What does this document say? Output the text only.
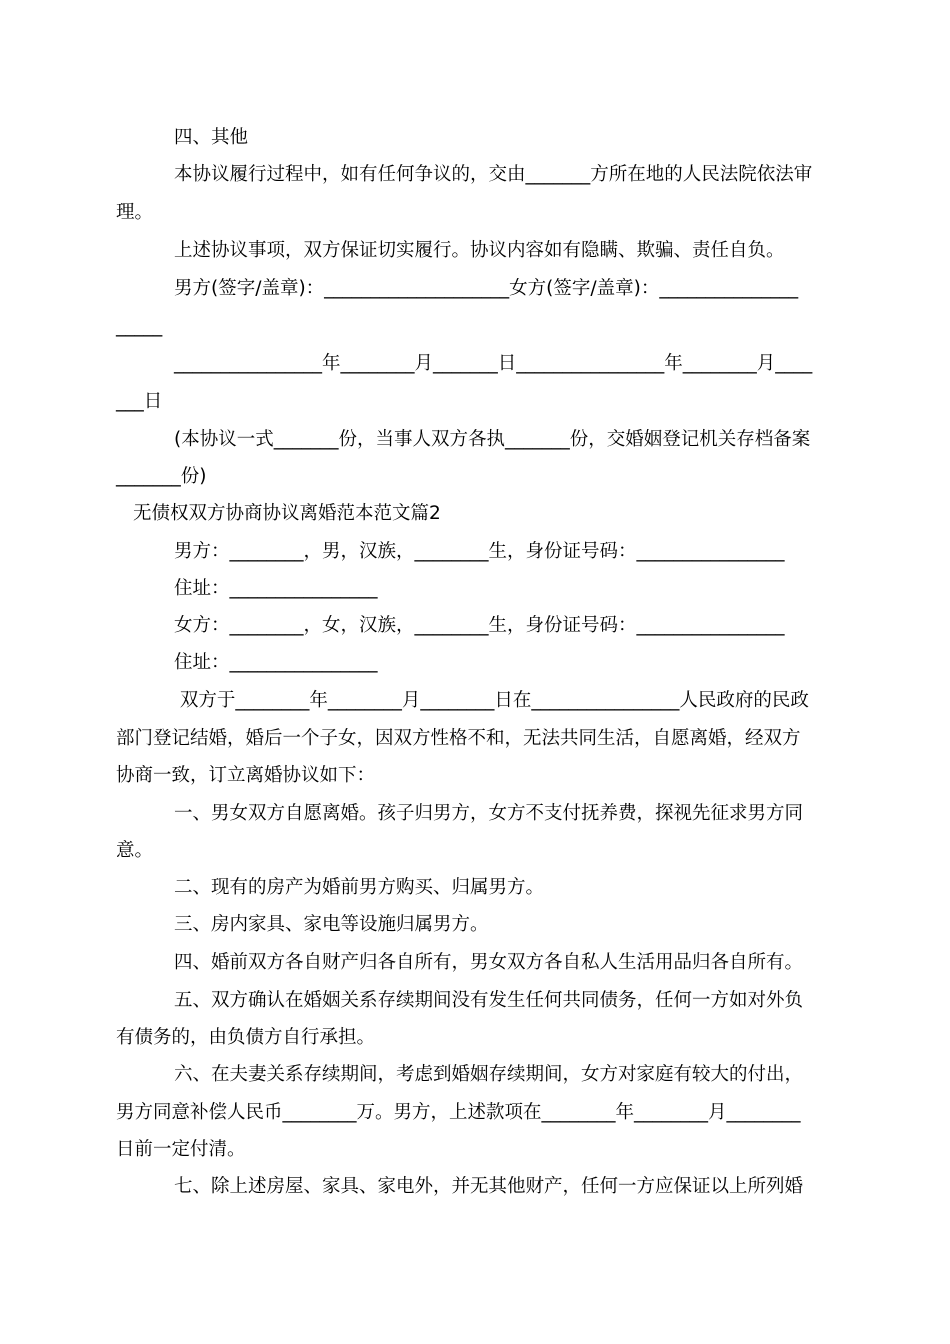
四、其他
本协议履行过程中，如有任何争议的，交由_______方所在地的人民法院依法审
理。
上述协议事项，双方保证切实履行。协议内容如有隐瞒、欺骗、责任自负。
男方(签字/盖章)：____________________女方(签字/盖章)：_______________
_____
________________年________月_______日________________年________月____
___日
(本协议一式_______份，当事人双方各执_______份，交婚姻登记机关存档备案
_______份)
无债权双方协商协议离婚范本范文篇2
男方：________，男，汉族，________生，身份证号码：________________
住址：________________
女方：________，女，汉族，________生，身份证号码：________________
住址：________________
双方于________年________月________日在________________人民政府的民政
部门登记结婚，婚后一个子女，因双方性格不和，无法共同生活，自愿离婚，经双方
协商一致，订立离婚协议如下：
一、男女双方自愿离婚。孩子归男方，女方不支付抚养费，探视先征求男方同
意。
二、现有的房产为婚前男方购买、归属男方。
三、房内家具、家电等设施归属男方。
四、婚前双方各自财产归各自所有，男女双方各自私人生活用品归各自所有。
五、双方确认在婚姻关系存续期间没有发生任何共同债务，任何一方如对外负
有债务的，由负债方自行承担。
六、在夫妻关系存续期间，考虑到婚姻存续期间，女方对家庭有较大的付出，
男方同意补偿人民币________万。男方，上述款项在________年________月________
日前一定付清。
七、除上述房屋、家具、家电外，并无其他财产，任何一方应保证以上所列婚
